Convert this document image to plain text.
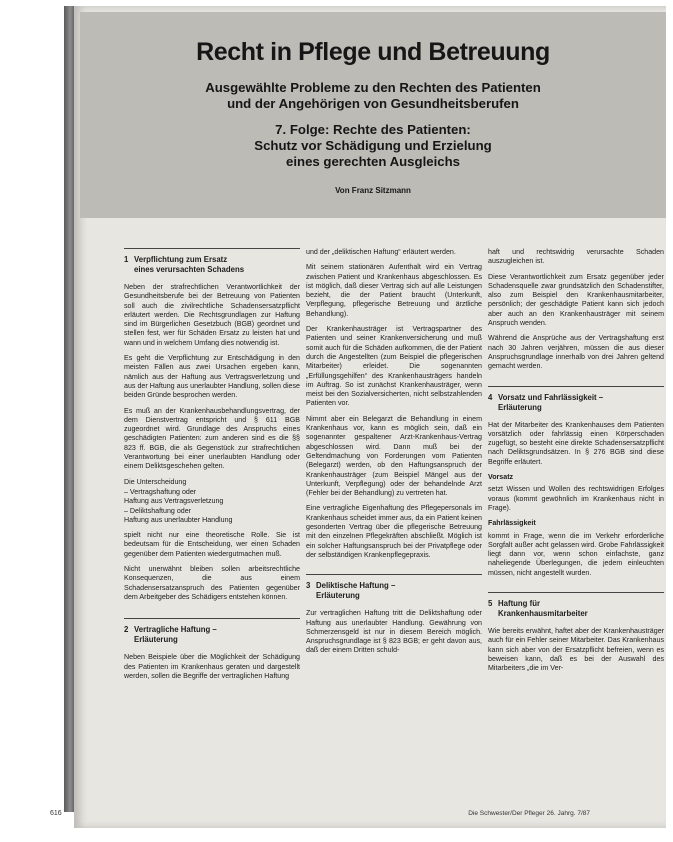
Recht in Pflege und Betreuung
Ausgewählte Probleme zu den Rechten des Patienten
und der Angehörigen von Gesundheitsberufen
7. Folge: Rechte des Patienten:
Schutz vor Schädigung und Erzielung
eines gerechten Ausgleichs
Von Franz Sitzmann
1 Verpflichtung zum Ersatz
eines verursachten Schadens

Neben der strafrechtlichen Verantwortlichkeit der Gesundheitsberufe bei der Betreuung von Patienten soll auch die zivilrechtliche Schadensersatzpflicht erläutert werden. Die Rechtsgrundlagen zur Haftung sind im Bürgerlichen Gesetzbuch (BGB) geordnet und stellen fest, wer für Schäden Ersatz zu leisten hat und wann und in welchem Umfang dies notwendig ist.

Es geht die Verpflichtung zur Entschädigung in den meisten Fällen aus zwei Ursachen ergeben kann, nämlich aus der Haftung aus Vertragsverletzung und aus der Haftung aus unerlaubter Handlung, sollen diese beiden Gründe besprochen werden.

Es muß an der Krankenhausbehandlungsvertrag, der dem Dienstvertrag entspricht und § 611 BGB zugeordnet wird. Grundlage des Anspruchs eines geschädigten Patienten: zum anderen sind es die §§ 823 ff. BGB, die als Gegenstück zur strafrechtlichen Verantwortung bei einer unerlaubten Handlung oder einem Deliktsgeschehen gelten.

Die Unterscheidung

– Vertragshaftung oder
Haftung aus Vertragsverletzung
– Deliktshaftung oder
Haftung aus unerlaubter Handlung

spielt nicht nur eine theoretische Rolle. Sie ist bedeutsam für die Entscheidung, wer einen Schaden gegenüber dem Patienten wiedergutmachen muß.

Nicht unerwähnt bleiben sollen arbeitsrechtliche Konsequenzen, die aus einem Schadensersatzanspruch des Patienten gegenüber dem Arbeitgeber des Schädigers entstehen können.

2 Vertragliche Haftung –
Erläuterung

Neben Beispiele über die Möglichkeit der Schädigung des Patienten im Krankenhaus geraten und dargestellt werden, sollen die Begriffe der vertraglichen Haftung

und der „deliktischen Haftung“ erläutert werden.

Mit seinem stationären Aufenthalt wird ein Vertrag zwischen Patient und Krankenhaus abgeschlossen. Es ist möglich, daß dieser Vertrag sich auf alle Leistungen bezieht, die der Patient braucht (Unterkunft, Verpflegung, pflegerische Betreuung und ärztliche Behandlung).

Der Krankenhausträger ist Vertragspartner des Patienten und seiner Krankenversicherung und muß somit auch für die Schäden aufkommen, die der Patient durch die Angestellten (zum Beispiel die pflegerischen Mitarbeiter) erleidet. Die sogenannten „Erfüllungsgehilfen“ des Krankenhausträgers handeln im Auftrag. So ist zunächst Krankenhausträger, wenn meist bei den Sozialversicherten, nicht selbstzahlenden Patienten vor.

Nimmt aber ein Belegarzt die Behandlung in einem Krankenhaus vor, kann es möglich sein, daß ein sogenannter gespaltener Arzt-Krankenhaus-Vertrag abgeschlossen wird. Dann muß bei der Geltendmachung von Forderungen vom Patienten (Belegarzt) werden, ob den Haftungsanspruch der Krankenhausträger (zum Beispiel Mängel aus der Unterkunft, Verpflegung) oder der behandelnde Arzt (Fehler bei der Behandlung) zu vertreten hat.

Eine vertragliche Eigenhaftung des Pflegepersonals im Krankenhaus scheidet immer aus, da ein Patient keinen gesonderten Vertrag über die pflegerische Betreuung mit den einzelnen Pflegekräften abschließt. Möglich ist ein solcher Haftungsanspruch bei der Privatpflege oder der selbständigen Krankenpflegepraxis.

3 Deliktische Haftung –
Erläuterung

Zur vertraglichen Haftung tritt die Deliktshaftung oder Haftung aus unerlaubter Handlung. Gewährung von Schmerzensgeld ist nur in diesem Bereich möglich. Anspruchsgrundlage ist § 823 BGB; er geht davon aus, daß der einem Dritten schuld-

haft und rechtswidrig verursachte Schaden auszugleichen ist.

Diese Verantwortlichkeit zum Ersatz gegenüber jeder Schadensquelle zwar grundsätzlich den Schadenstifter, also zum Beispiel den Krankenhausmitarbeiter, persönlich; der geschädigte Patient kann sich jedoch aber auch an den Krankenhausträger mit seinem Anspruch wenden.

Während die Ansprüche aus der Vertragshaftung erst nach 30 Jahren verjähren, müssen die aus dieser Anspruchsgrundlage innerhalb von drei Jahren geltend gemacht werden.

4 Vorsatz und Fahrlässigkeit –
Erläuterung

Hat der Mitarbeiter des Krankenhauses dem Patienten vorsätzlich oder fahrlässig einen Körperschaden zugefügt, so besteht eine direkte Schadensersatzpflicht nach Deliktsgrundsätzen. In § 276 BGB sind diese Begriffe erläutert.

Vorsatz

setzt Wissen und Wollen des rechtswidrigen Erfolges voraus (kommt gewöhnlich im Krankenhaus nicht in Frage).

Fahrlässigkeit

kommt in Frage, wenn die im Verkehr erforderliche Sorgfalt außer acht gelassen wird. Grobe Fahrlässigkeit liegt dann vor, wenn schon einfachste, ganz naheliegende Überlegungen, die jedem einleuchten müssen, nicht angestellt wurden.

5 Haftung für
Krankenhausmitarbeiter

Wie bereits erwähnt, haftet aber der Krankenhausträger auch für ein Fehler seiner Mitarbeiter. Das Krankenhaus kann sich aber von der Ersatzpflicht befreien, wenn es beweisen kann, daß es bei der Auswahl des Mitarbeiters „die im Ver-

616	Die Schwester/Der Pfleger 26. Jahrg. 7/87
